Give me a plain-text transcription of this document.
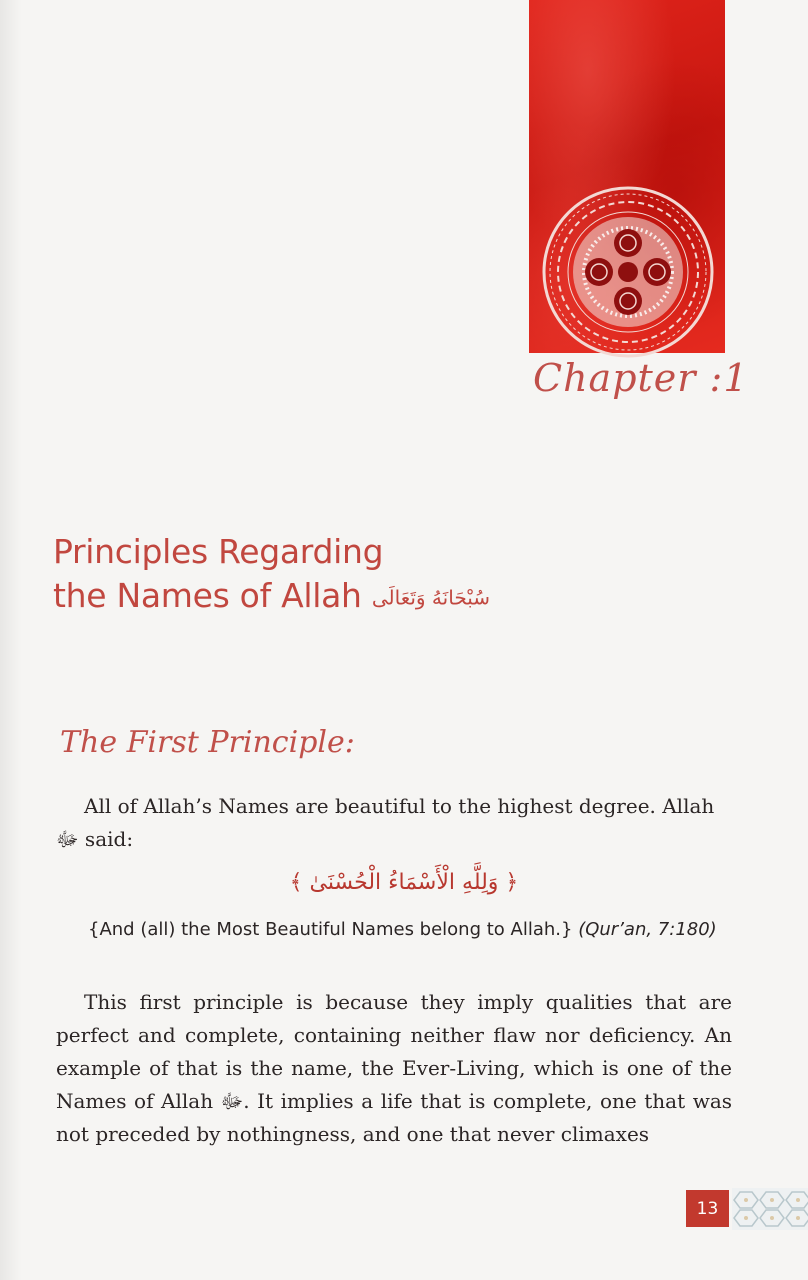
Chapter :1
Principles Regarding
the Names of Allah سُبْحَانَهُ وَتَعَالَى
The First Principle:

All of Allah’s Names are beautiful to the highest degree. Allah ﷻ said:

﴿ وَلِلَّهِ الْأَسْمَاءُ الْحُسْنَىٰ ﴾

{And (all) the Most Beautiful Names belong to Allah.} (Qur’an, 7:180)

This first principle is because they imply qualities that are perfect and complete, containing neither flaw nor deficiency. An example of that is the name, the Ever-Living, which is one of the Names of Allah ﷻ. It implies a life that is complete, one that was not preceded by nothingness, and one that never climaxes

13
